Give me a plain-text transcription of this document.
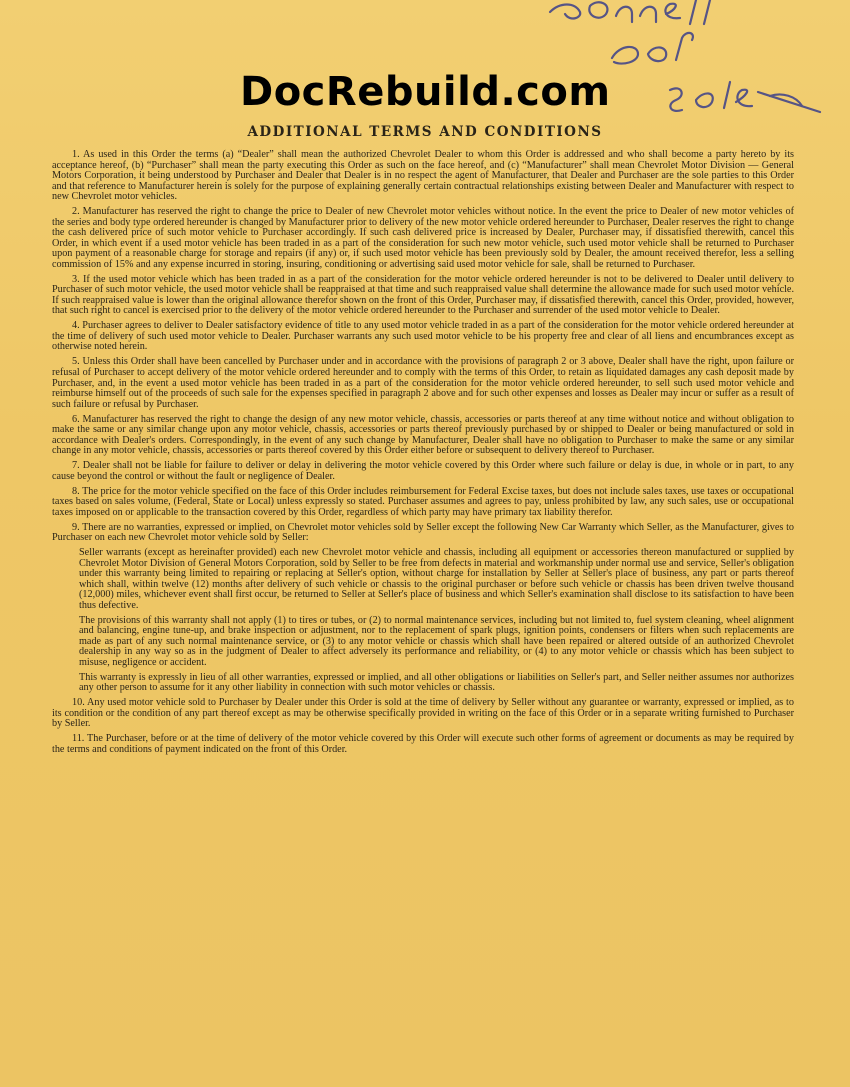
DocRebuild.com
ADDITIONAL TERMS AND CONDITIONS

1. As used in this Order the terms (a) “Dealer” shall mean the authorized Chevrolet Dealer to whom this Order is addressed and who shall become a party hereto by its acceptance hereof, (b) “Purchaser” shall mean the party executing this Order as such on the face hereof, and (c) “Manufacturer” shall mean Chevrolet Motor Division — General Motors Corporation, it being understood by Purchaser and Dealer that Dealer is in no respect the agent of Manufacturer, that Dealer and Purchaser are the sole parties to this Order and that reference to Manufacturer herein is solely for the purpose of explaining generally certain contractual relationships existing between Dealer and Manufacturer with respect to new Chevrolet motor vehicles.

2. Manufacturer has reserved the right to change the price to Dealer of new Chevrolet motor vehicles without notice. In the event the price to Dealer of new motor vehicles of the series and body type ordered hereunder is changed by Manufacturer prior to delivery of the new motor vehicle ordered hereunder to Purchaser, Dealer reserves the right to change the cash delivered price of such motor vehicle to Purchaser accordingly. If such cash delivered price is increased by Dealer, Purchaser may, if dissatisfied therewith, cancel this Order, in which event if a used motor vehicle has been traded in as a part of the consideration for such new motor vehicle, such used motor vehicle shall be returned to Purchaser upon payment of a reasonable charge for storage and repairs (if any) or, if such used motor vehicle has been previously sold by Dealer, the amount received therefor, less a selling commission of 15% and any expense incurred in storing, insuring, conditioning or advertising said used motor vehicle for sale, shall be returned to Purchaser.

3. If the used motor vehicle which has been traded in as a part of the consideration for the motor vehicle ordered hereunder is not to be delivered to Dealer until delivery to Purchaser of such motor vehicle, the used motor vehicle shall be reappraised at that time and such reappraised value shall determine the allowance made for such used motor vehicle. If such reappraised value is lower than the original allowance therefor shown on the front of this Order, Purchaser may, if dissatisfied therewith, cancel this Order, provided, however, that such right to cancel is exercised prior to the delivery of the motor vehicle ordered hereunder to the Purchaser and surrender of the used motor vehicle to Dealer.

4. Purchaser agrees to deliver to Dealer satisfactory evidence of title to any used motor vehicle traded in as a part of the consideration for the motor vehicle ordered hereunder at the time of delivery of such used motor vehicle to Dealer. Purchaser warrants any such used motor vehicle to be his property free and clear of all liens and encumbrances except as otherwise noted herein.

5. Unless this Order shall have been cancelled by Purchaser under and in accordance with the provisions of paragraph 2 or 3 above, Dealer shall have the right, upon failure or refusal of Purchaser to accept delivery of the motor vehicle ordered hereunder and to comply with the terms of this Order, to retain as liquidated damages any cash deposit made by Purchaser, and, in the event a used motor vehicle has been traded in as a part of the consideration for the motor vehicle ordered hereunder, to sell such used motor vehicle and reimburse himself out of the proceeds of such sale for the expenses specified in paragraph 2 above and for such other expenses and losses as Dealer may incur or suffer as a result of such failure or refusal by Purchaser.

6. Manufacturer has reserved the right to change the design of any new motor vehicle, chassis, accessories or parts thereof at any time without notice and without obligation to make the same or any similar change upon any motor vehicle, chassis, accessories or parts thereof previously purchased by or shipped to Dealer or being manufactured or sold in accordance with Dealer's orders. Correspondingly, in the event of any such change by Manufacturer, Dealer shall have no obligation to Purchaser to make the same or any similar change in any motor vehicle, chassis, accessories or parts thereof covered by this Order either before or subsequent to delivery thereof to Purchaser.

7. Dealer shall not be liable for failure to deliver or delay in delivering the motor vehicle covered by this Order where such failure or delay is due, in whole or in part, to any cause beyond the control or without the fault or negligence of Dealer.

8. The price for the motor vehicle specified on the face of this Order includes reimbursement for Federal Excise taxes, but does not include sales taxes, use taxes or occupational taxes based on sales volume, (Federal, State or Local) unless expressly so stated. Purchaser assumes and agrees to pay, unless prohibited by law, any such sales, use or occupational taxes imposed on or applicable to the transaction covered by this Order, regardless of which party may have primary tax liability therefor.

9. There are no warranties, expressed or implied, on Chevrolet motor vehicles sold by Seller except the following New Car Warranty which Seller, as the Manufacturer, gives to Purchaser on each new Chevrolet motor vehicle sold by Seller:

Seller warrants (except as hereinafter provided) each new Chevrolet motor vehicle and chassis, including all equipment or accessories thereon manufactured or supplied by Chevrolet Motor Division of General Motors Corporation, sold by Seller to be free from defects in material and workmanship under normal use and service, Seller's obligation under this warranty being limited to repairing or replacing at Seller's option, without charge for installation by Seller at Seller's place of business, any part or parts thereof which shall, within twelve (12) months after delivery of such vehicle or chassis to the original purchaser or before such vehicle or chassis has been driven twelve thousand (12,000) miles, whichever event shall first occur, be returned to Seller at Seller's place of business and which Seller's examination shall disclose to its satisfaction to have been thus defective.

The provisions of this warranty shall not apply (1) to tires or tubes, or (2) to normal maintenance services, including but not limited to, fuel system cleaning, wheel alignment and balancing, engine tune-up, and brake inspection or adjustment, nor to the replacement of spark plugs, ignition points, condensers or filters when such replacements are made as part of any such normal maintenance service, or (3) to any motor vehicle or chassis which shall have been repaired or altered outside of an authorized Chevrolet dealership in any way so as in the judgment of Dealer to affect adversely its performance and reliability, or (4) to any motor vehicle or chassis which has been subject to misuse, negligence or accident.

This warranty is expressly in lieu of all other warranties, expressed or implied, and all other obligations or liabilities on Seller's part, and Seller neither assumes nor authorizes any other person to assume for it any other liability in connection with such motor vehicles or chassis.

10. Any used motor vehicle sold to Purchaser by Dealer under this Order is sold at the time of delivery by Seller without any guarantee or warranty, expressed or implied, as to its condition or the condition of any part thereof except as may be otherwise specifically provided in writing on the face of this Order or in a separate writing furnished to Purchaser by Seller.

11. The Purchaser, before or at the time of delivery of the motor vehicle covered by this Order will execute such other forms of agreement or documents as may be required by the terms and conditions of payment indicated on the front of this Order.
